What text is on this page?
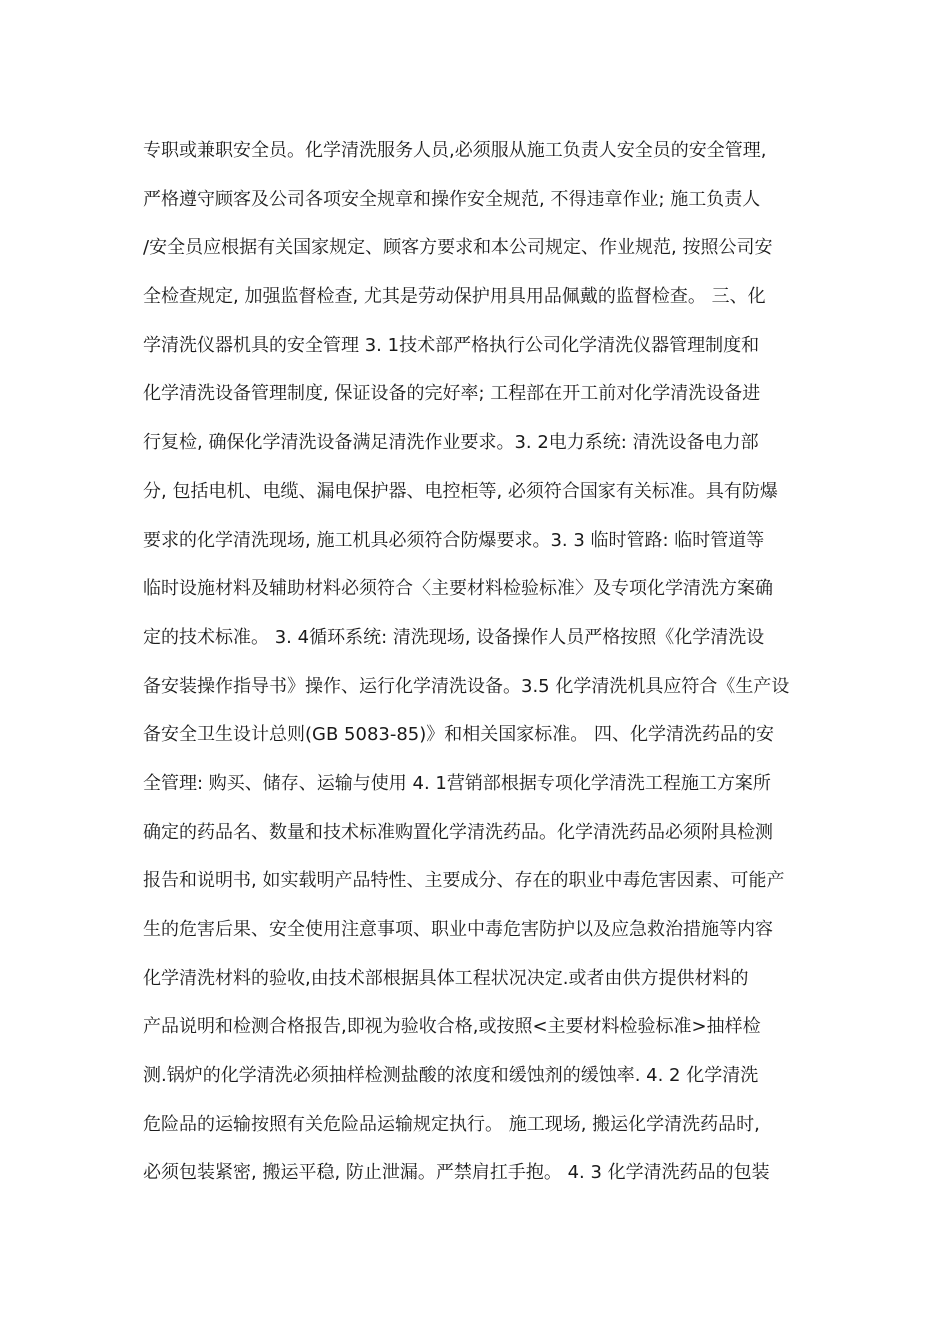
专职或兼职安全员。化学清洗服务人员,必须服从施工负责人安全员的安全管理,
严格遵守顾客及公司各项安全规章和操作安全规范, 不得违章作业; 施工负责人
/安全员应根据有关国家规定、顾客方要求和本公司规定、作业规范, 按照公司安
全检查规定, 加强监督检查, 尤其是劳动保护用具用品佩戴的监督检查。 三、化
学清洗仪器机具的安全管理 3. 1技术部严格执行公司化学清洗仪器管理制度和
化学清洗设备管理制度, 保证设备的完好率; 工程部在开工前对化学清洗设备进
行复检, 确保化学清洗设备满足清洗作业要求。3. 2电力系统: 清洗设备电力部
分, 包括电机、电缆、漏电保护器、电控柜等, 必须符合国家有关标准。具有防爆
要求的化学清洗现场, 施工机具必须符合防爆要求。3. 3 临时管路: 临时管道等
临时设施材料及辅助材料必须符合〈主要材料检验标准〉及专项化学清洗方案确
定的技术标准。 3. 4循环系统: 清洗现场, 设备操作人员严格按照《化学清洗设
备安装操作指导书》操作、运行化学清洗设备。3.5 化学清洗机具应符合《生产设
备安全卫生设计总则(GB 5083-85)》和相关国家标准。 四、化学清洗药品的安
全管理: 购买、储存、运输与使用 4. 1营销部根据专项化学清洗工程施工方案所
确定的药品名、数量和技术标准购置化学清洗药品。化学清洗药品必须附具检测
报告和说明书, 如实载明产品特性、主要成分、存在的职业中毒危害因素、可能产
生的危害后果、安全使用注意事项、职业中毒危害防护以及应急救治措施等内容
化学清洗材料的验收,由技术部根据具体工程状况决定.或者由供方提供材料的
产品说明和检测合格报告,即视为验收合格,或按照<主要材料检验标准>抽样检
测.锅炉的化学清洗必须抽样检测盐酸的浓度和缓蚀剂的缓蚀率. 4. 2 化学清洗
危险品的运输按照有关危险品运输规定执行。 施工现场, 搬运化学清洗药品时,
必须包装紧密, 搬运平稳, 防止泄漏。严禁肩扛手抱。 4. 3 化学清洗药品的包装
